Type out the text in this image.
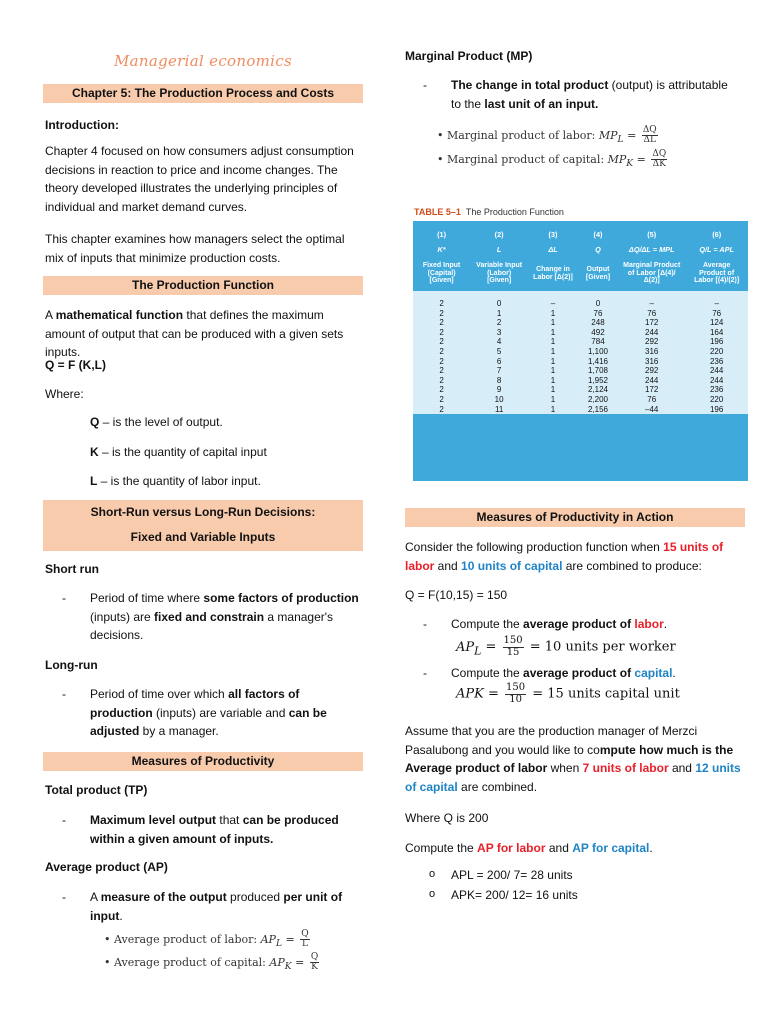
Managerial economics
Chapter 5: The Production Process and Costs

Introduction:

Chapter 4 focused on how consumers adjust consumption decisions in reaction to price and income changes. The theory developed illustrates the underlying principles of individual and market demand curves.

This chapter examines how managers select the optimal mix of inputs that minimize production costs.

The Production Function

A mathematical function that defines the maximum amount of output that can be produced with a given sets inputs.

Q = F (K,L)

Where:

Q – is the level of output.

K – is the quantity of capital input

L – is the quantity of labor input.

Short-Run versus Long-Run Decisions:
Fixed and Variable Inputs

Short run

- Period of time where some factors of production (inputs) are fixed and constrain a manager's decisions.

Long-run

- Period of time over which all factors of production (inputs) are variable and can be adjusted by a manager.

Measures of Productivity

Total product (TP)

- Maximum level output that can be produced within a given amount of inputs.

Average product (AP)

- A measure of the output produced per unit of input.

• Average product of labor: $AP_L = \frac{Q}{L}$
• Average product of capital: $AP_K = \frac{Q}{K}$

Marginal Product (MP)

- The change in total product (output) is attributable to the last unit of an input.

• Marginal product of labor: $MP_L = \frac{\Delta Q}{\Delta L}$
• Marginal product of capital: $MP_K = \frac{\Delta Q}{\Delta K}$
TABLE 5–1 The Production Function
(1)	(2)	(3)	(4)	(5)	(6)
K*	L	ΔL	Q	ΔQ/ΔL = MPL	Q/L = APL
Fixed Input (Capital) [Given]	Variable Input (Labor) [Given]	Change in Labor [Δ(2)]	Output [Given]	Marginal Product of Labor [Δ(4)/Δ(2)]	Average Product of Labor [(4)/(2)]
2	0	–	0	–	–
2	1	1	76	76	76
2	2	1	248	172	124
2	3	1	492	244	164
2	4	1	784	292	196
2	5	1	1,100	316	220
2	6	1	1,416	316	236
2	7	1	1,708	292	244
2	8	1	1,952	244	244
2	9	1	2,124	172	236
2	10	1	2,200	76	220
2	11	1	2,156	–44	196
Measures of Productivity in Action

Consider the following production function when 15 units of labor and 10 units of capital are combined to produce:

Q = F(10,15) = 150

- Compute the average product of labor.

$AP_L = \frac{150}{15} = 10$ units per worker

- Compute the average product of capital.

APK = $\frac{150}{10} = 15$ units capital unit

Assume that you are the production manager of Merzci Pasalubong and you would like to compute how much is the Average product of labor when 7 units of labor and 12 units of capital are combined.

Where Q is 200

Compute the AP for labor and AP for capital.

o APL = 200/ 7= 28 units

o APK= 200/ 12= 16 units
